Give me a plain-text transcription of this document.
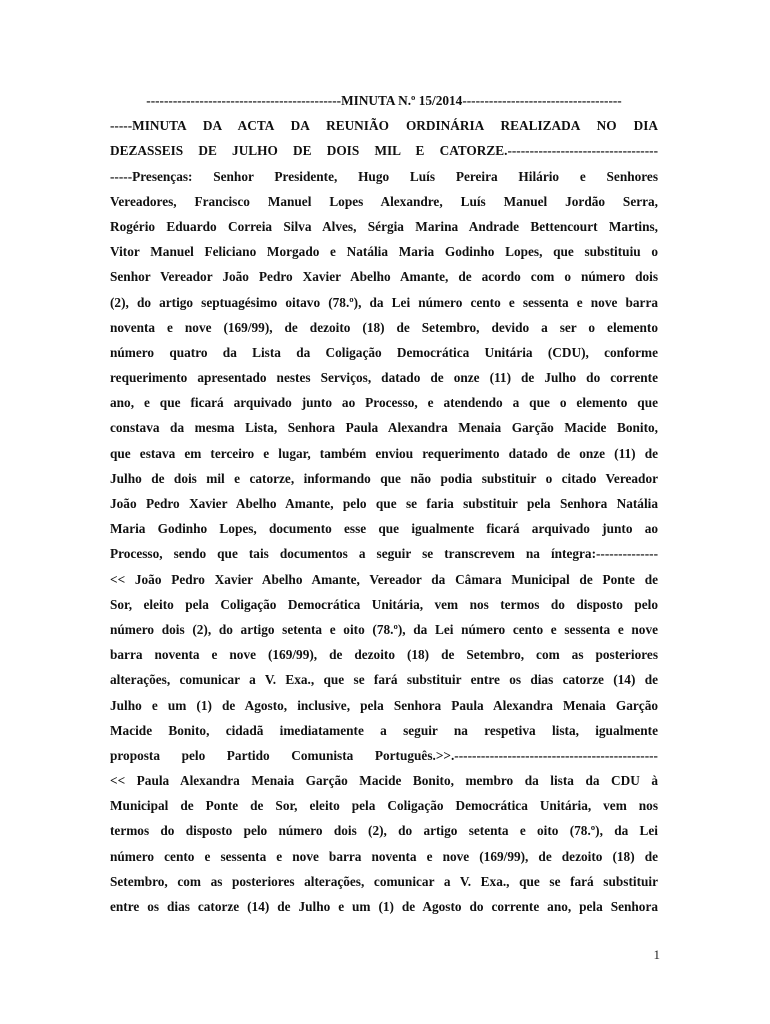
--------------------------------------------MINUTA N.º 15/2014------------------------------------
-----MINUTA DA ACTA DA REUNIÃO ORDINÁRIA REALIZADA NO DIA
DEZASSEIS DE JULHO DE DOIS MIL E CATORZE.----------------------------------
-----Presenças: Senhor Presidente, Hugo Luís Pereira Hilário e Senhores
Vereadores, Francisco Manuel Lopes Alexandre, Luís Manuel Jordão Serra,
Rogério Eduardo Correia Silva Alves, Sérgia Marina Andrade Bettencourt Martins,
Vitor Manuel Feliciano Morgado e Natália Maria Godinho Lopes, que substituiu o
Senhor Vereador João Pedro Xavier Abelho Amante, de acordo com o número dois
(2), do artigo septuagésimo oitavo (78.º), da Lei número cento e sessenta e nove barra
noventa e nove (169/99), de dezoito (18) de Setembro, devido a ser o elemento
número quatro da Lista da Coligação Democrática Unitária (CDU), conforme
requerimento apresentado nestes Serviços, datado de onze (11) de Julho do corrente
ano, e que ficará arquivado junto ao Processo, e atendendo a que o elemento que
constava da mesma Lista, Senhora Paula Alexandra Menaia Garção Macide Bonito,
que estava em terceiro e lugar, também enviou requerimento datado de onze (11) de
Julho de dois mil e catorze, informando que não podia substituir o citado Vereador
João Pedro Xavier Abelho Amante, pelo que se faria substituir pela Senhora Natália
Maria Godinho Lopes, documento esse que igualmente ficará arquivado junto ao
Processo, sendo que tais documentos a seguir se transcrevem na íntegra:--------------
<< João Pedro Xavier Abelho Amante, Vereador da Câmara Municipal de Ponte de
Sor, eleito pela Coligação Democrática Unitária, vem nos termos do disposto pelo
número dois (2), do artigo setenta e oito (78.º), da Lei número cento e sessenta e nove
barra noventa e nove (169/99), de dezoito (18) de Setembro, com as posteriores
alterações, comunicar a V. Exa., que se fará substituir entre os dias catorze (14) de
Julho e um (1) de Agosto, inclusive, pela Senhora Paula Alexandra Menaia Garção
Macide Bonito, cidadã imediatamente a seguir na respetiva lista, igualmente
proposta pelo Partido Comunista Português.>>.----------------------------------------------
<< Paula Alexandra Menaia Garção Macide Bonito, membro da lista da CDU à
Municipal de Ponte de Sor, eleito pela Coligação Democrática Unitária, vem nos
termos do disposto pelo número dois (2), do artigo setenta e oito (78.º), da Lei
número cento e sessenta e nove barra noventa e nove (169/99), de dezoito (18) de
Setembro, com as posteriores alterações, comunicar a V. Exa., que se fará substituir
entre os dias catorze (14) de Julho e um (1) de Agosto do corrente ano, pela Senhora
1
